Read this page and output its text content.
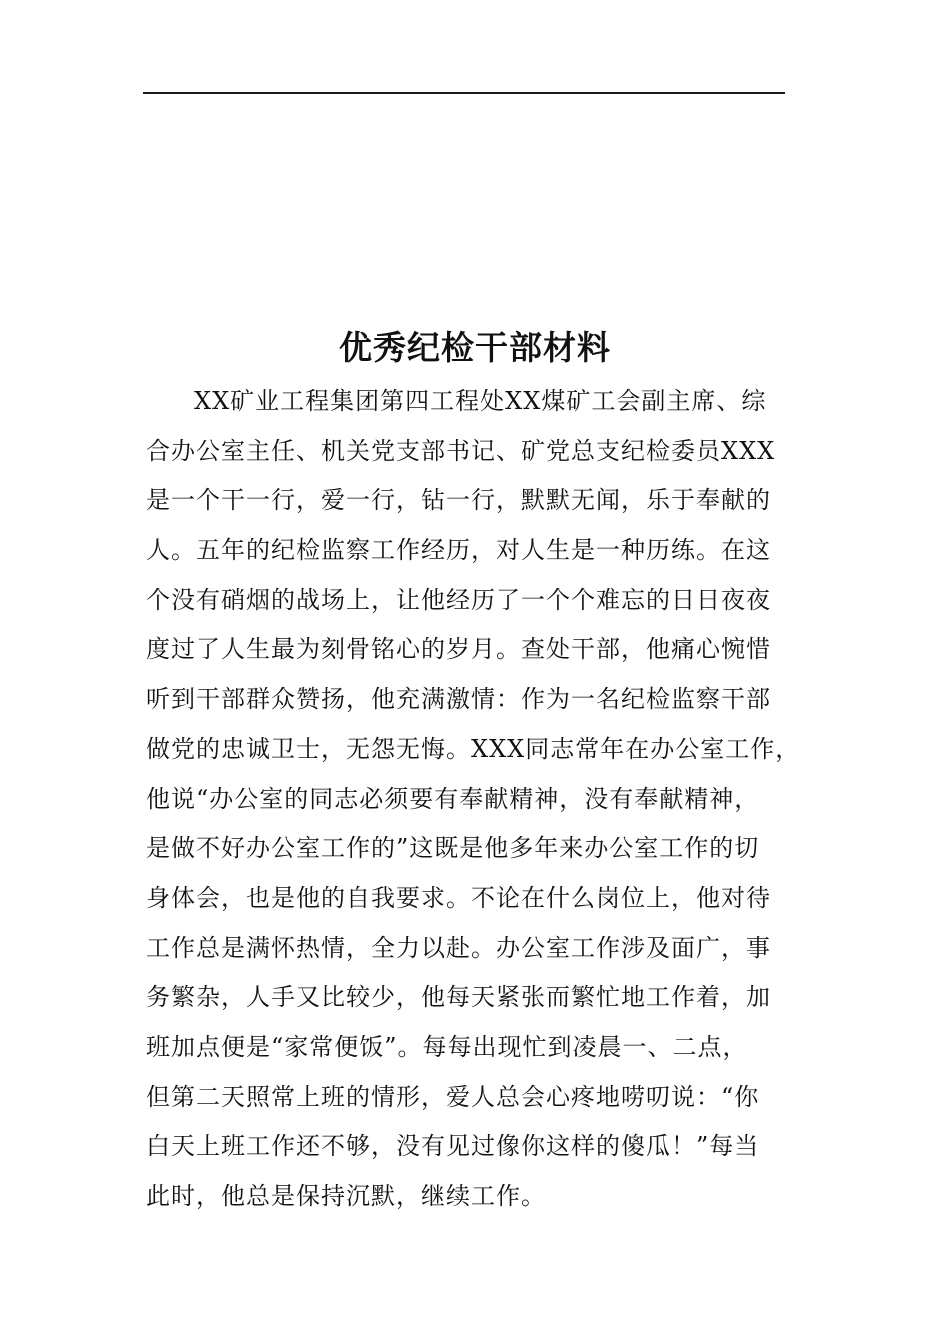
优秀纪检干部材料
XX矿业工程集团第四工程处XX煤矿工会副主席、综
合办公室主任、机关党支部书记、矿党总支纪检委员XXX
是一个干一行，爱一行，钻一行，默默无闻，乐于奉献的
人。五年的纪检监察工作经历，对人生是一种历练。在这
个没有硝烟的战场上，让他经历了一个个难忘的日日夜夜
度过了人生最为刻骨铭心的岁月。查处干部，他痛心惋惜
听到干部群众赞扬，他充满激情：作为一名纪检监察干部
做党的忠诚卫士，无怨无悔。XXX同志常年在办公室工作，
他说“办公室的同志必须要有奉献精神，没有奉献精神，
是做不好办公室工作的”这既是他多年来办公室工作的切
身体会，也是他的自我要求。不论在什么岗位上，他对待
工作总是满怀热情，全力以赴。办公室工作涉及面广，事
务繁杂，人手又比较少，他每天紧张而繁忙地工作着，加
班加点便是“家常便饭”。每每出现忙到凌晨一、二点，
但第二天照常上班的情形，爱人总会心疼地唠叨说：“你
白天上班工作还不够，没有见过像你这样的傻瓜！”每当
此时，他总是保持沉默，继续工作。
